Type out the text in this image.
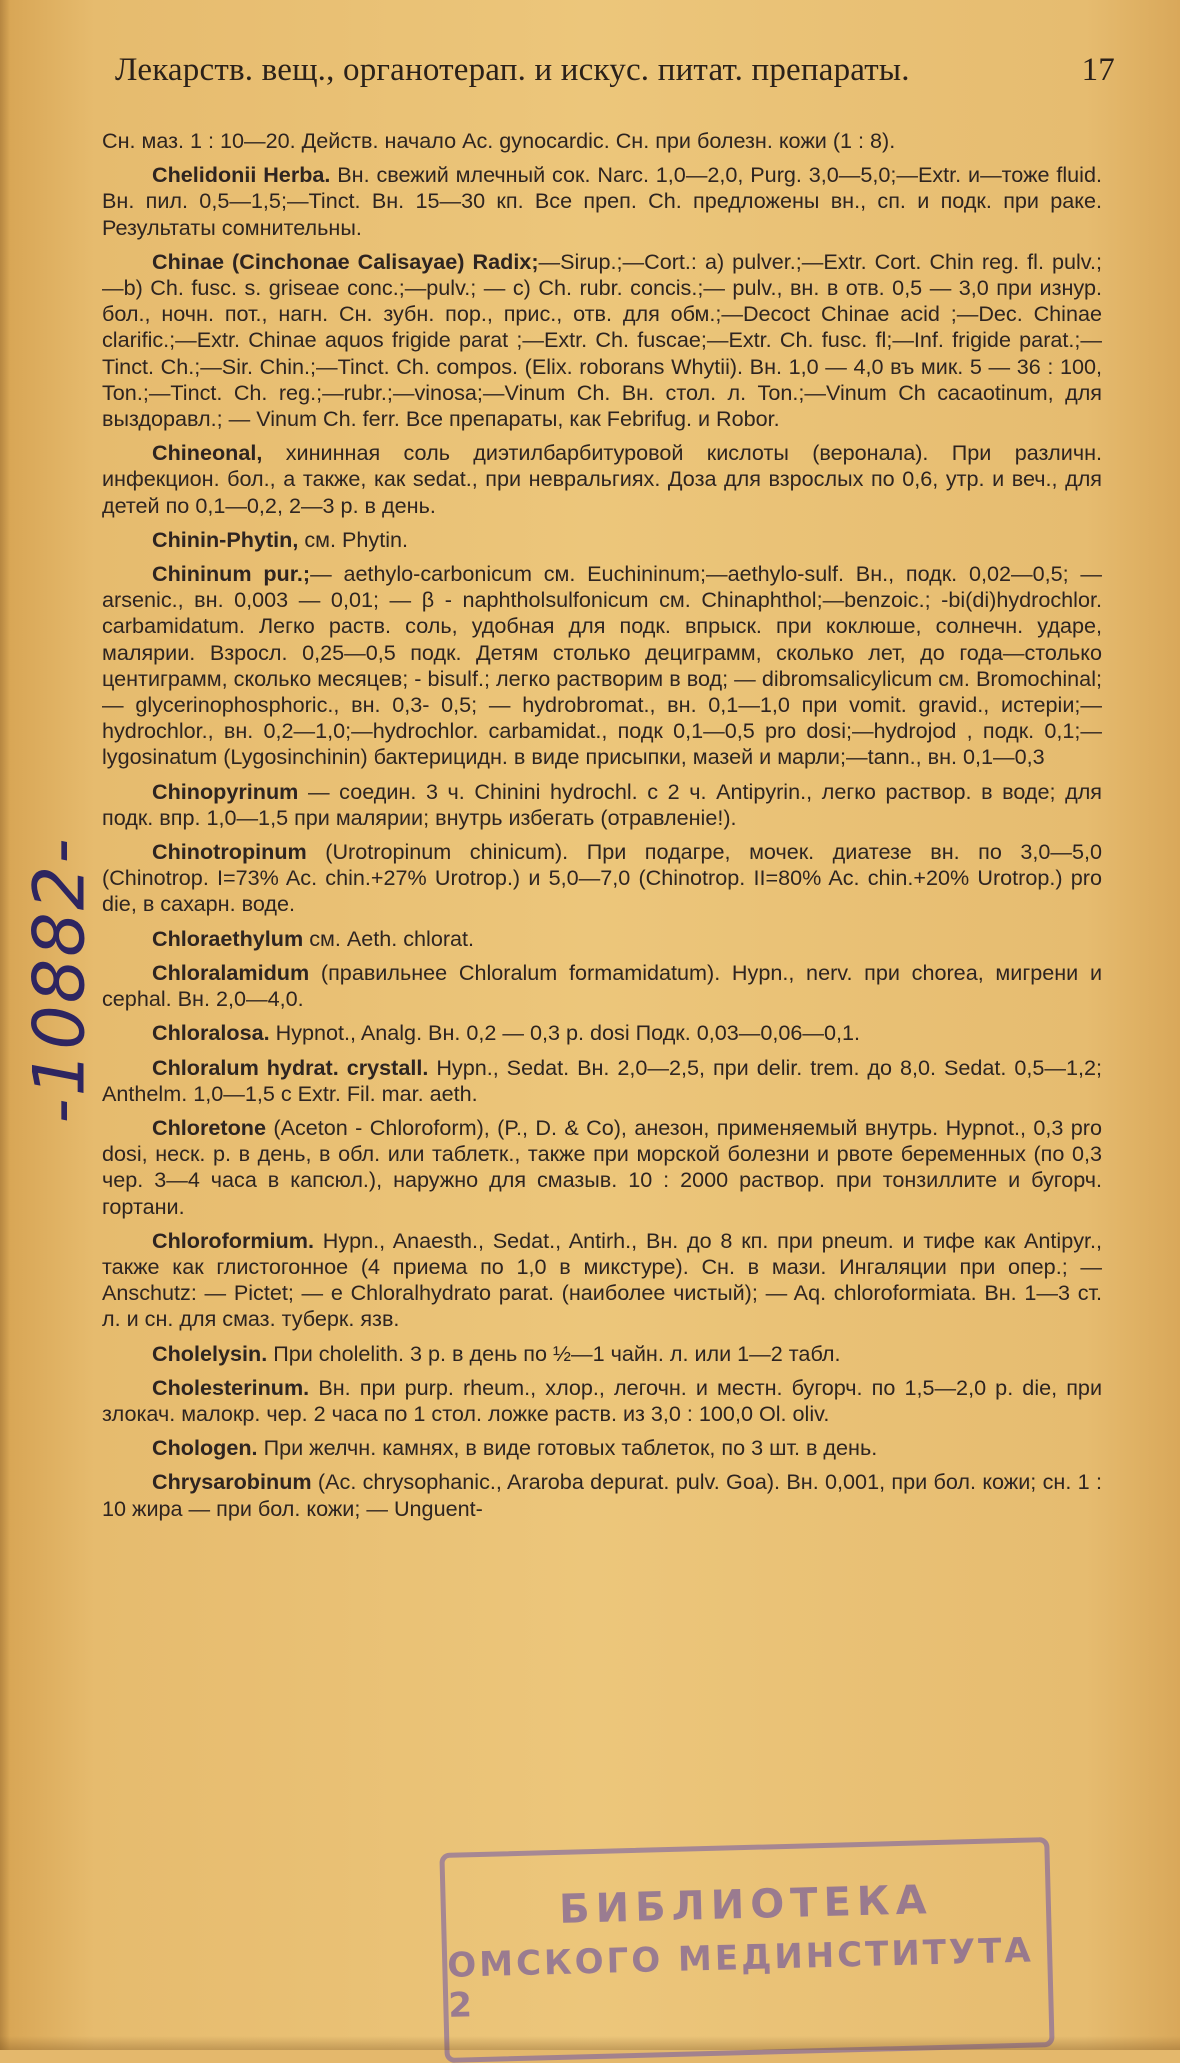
Лекарств. вещ., органотерап. и искус. питат. препараты.	17

Сн. маз. 1 : 10—20. Действ. начало Ac. gynocardic. Сн. при болезн. кожи (1 : 8).

Chelidonii Herba. Вн. свежий млечный сок. Narc. 1,0—2,0, Purg. 3,0—5,0;—Extr. и—тоже fluid. Вн. пил. 0,5—1,5;—Tinct. Вн. 15—30 кп. Все преп. Ch. предложены вн., сп. и подк. при раке. Результаты сомнительны.

Chinae (Cinchonae Calisayae) Radix;—Sirup.;—Cort.: a) pulver.;—Extr. Cort. Chin reg. fl. pulv.;—b) Ch. fusc. s. griseae conc.;—pulv.; — c) Ch. rubr. concis.;— pulv., вн. в отв. 0,5 — 3,0 при изнур. бол., ночн. пот., нагн. Сн. зубн. пор., прис., отв. для обм.;—Decoct Chinae acid ;—Dec. Chinae clarific.;—Extr. Chinae aquos frigide parat ;—Extr. Ch. fuscae;—Extr. Ch. fusc. fl;—Inf. frigide parat.;—Tinct. Ch.;—Sir. Chin.;—Tinct. Ch. compos. (Elix. roborans Whytii). Вн. 1,0 — 4,0 въ мик. 5 — 36 : 100, Ton.;—Tinct. Ch. reg.;—rubr.;—vinosa;—Vinum Ch. Вн. стол. л. Ton.;—Vinum Ch cacaotinum, для выздоравл.; — Vinum Ch. ferr. Все препараты, как Febrifug. и Robor.

Chineonal, хининная соль диэтилбарбитуровой кислоты (веронала). При различн. инфекцион. бол., а также, как sedat., при невральгиях. Доза для взрослых по 0,6, утр. и веч., для детей по 0,1—0,2, 2—3 р. в день.

Chinin-Phytin, см. Phytin.

Chininum pur.;— aethylo-carbonicum см. Euchininum;—aethylo-sulf. Вн., подк. 0,02—0,5; — arsenic., вн. 0,003 — 0,01; — β - naphtholsulfonicum см. Chinaphthol;—benzoic.; -bi(di)hydrochlor. carbamidatum. Легко раств. соль, удобная для подк. впрыск. при коклюше, солнечн. ударе, малярии. Взросл. 0,25—0,5 подк. Детям столько дециграмм, сколько лет, до года—столько центиграмм, сколько месяцев; - bisulf.; легко растворим в вод; — dibromsalicylicum см. Bromochinal; — glycerinophosphoric., вн. 0,3- 0,5; — hydrobromat., вн. 0,1—1,0 при vomit. gravid., истерiи;—hydrochlor., вн. 0,2—1,0;—hydrochlor. carbamidat., подк 0,1—0,5 pro dosi;—hydrojod , подк. 0,1;—lygosinatum (Lygosinchinin) бактерицидн. в виде присыпки, мазей и марли;—tann., вн. 0,1—0,3

Chinopyrinum — соедин. 3 ч. Chinini hydrochl. с 2 ч. Antipyrin., легко раствор. в воде; для подк. впр. 1,0—1,5 при малярии; внутрь избегать (отравленiе!).

Chinotropinum (Urotropinum chinicum). При подагре, мочек. диатезе вн. по 3,0—5,0 (Chinotrop. I=73% Ac. chin.+27% Urotrop.) и 5,0—7,0 (Chinotrop. II=80% Ac. chin.+20% Urotrop.) pro die, в сахарн. воде.

Chloraethylum см. Aeth. chlorat.

Chloralamidum (правильнее Chloralum formamidatum). Hypn., nerv. при chorea, мигрени и cephal. Вн. 2,0—4,0.

Chloralosa. Hypnot., Analg. Вн. 0,2 — 0,3 p. dosi Подк. 0,03—0,06—0,1.

Chloralum hydrat. crystall. Hypn., Sedat. Вн. 2,0—2,5, при delir. trem. до 8,0. Sedat. 0,5—1,2; Anthelm. 1,0—1,5 с Extr. Fil. mar. aeth.

Chloretone (Aceton - Chloroform), (P., D. & Co), анезон, применяемый внутрь. Hypnot., 0,3 pro dosi, неск. р. в день, в обл. или таблетк., также при морской болезни и рвоте беременных (по 0,3 чер. 3—4 часа в капсюл.), наружно для смазыв. 10 : 2000 раствор. при тонзиллите и бугорч. гортани.

Chloroformium. Hypn., Anaesth., Sedat., Antirh., Вн. до 8 кп. при pneum. и тифе как Antipyr., также как глистогонное (4 приема по 1,0 в микстуре). Сн. в мази. Ингаляции при опер.; — Anschutz: — Pictet; — e Chloralhydrato parat. (наиболее чистый); — Aq. chloroformiata. Вн. 1—3 ст. л. и сн. для смаз. туберк. язв.

Cholelysin. При cholelith. 3 р. в день по ½—1 чайн. л. или 1—2 табл.

Cholesterinum. Вн. при purp. rheum., хлор., легочн. и местн. бугорч. по 1,5—2,0 p. die, при злокач. малокр. чер. 2 часа по 1 стол. ложке раств. из 3,0 : 100,0 Ol. oliv.

Chologen. При желчн. камнях, в виде готовых таблеток, по 3 шт. в день.

Chrysarobinum (Ac. chrysophanic., Araroba depurat. pulv. Goa). Вн. 0,001, при бол. кожи; сн. 1 : 10 жира — при бол. кожи; — Unguent-

-10882-
БИБЛИОТЕКА
ОМСКОГО МЕДИНСТИТУТА 2
